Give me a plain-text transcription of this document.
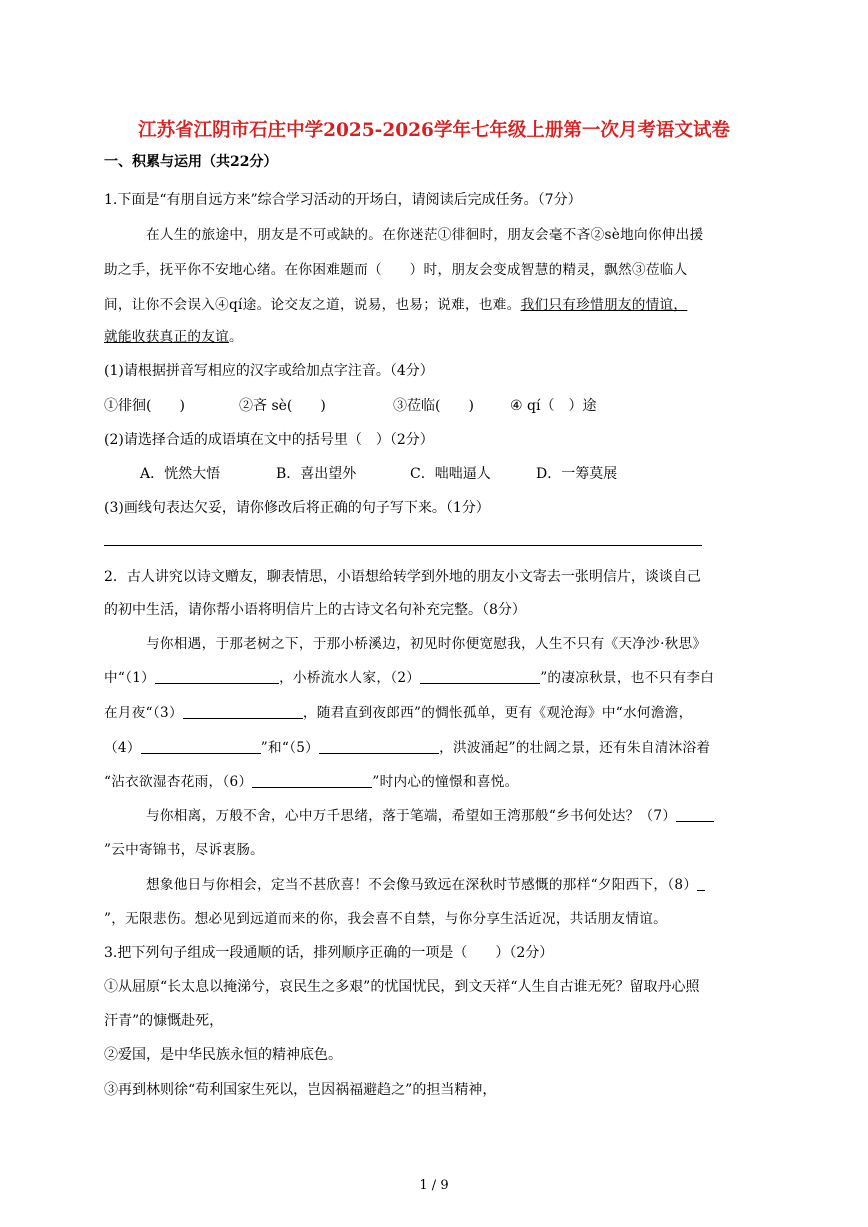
江苏省江阴市石庄中学2025-2026学年七年级上册第一次月考语文试卷
一、积累与运用（共22分）
1.下面是“有朋自远方来”综合学习活动的开场白，请阅读后完成任务。（7分）
在人生的旅途中，朋友是不可或缺的。在你迷茫①徘徊时，朋友会毫不吝②sè地向你伸出援
助之手，抚平你不安地心绪。在你困难题而（　　）时，朋友会变成智慧的精灵，飘然③莅临人
间，让你不会误入④qí途。论交友之道，说易，也易；说难，也难。我们只有珍惜朋友的情谊，
就能收获真正的友谊。
(1)请根据拼音写相应的汉字或给加点字注音。（4分）
①徘徊(　　)	②吝 sè(　　)	③莅临(　　)	④ qí（　）途
(2)请选择合适的成语填在文中的括号里（　）（2分）
A．恍然大悟	B．喜出望外	C．咄咄逼人	D．一筹莫展
(3)画线句表达欠妥，请你修改后将正确的句子写下来。（1分）
2．古人讲究以诗文赠友，聊表情思，小语想给转学到外地的朋友小文寄去一张明信片，谈谈自己
的初中生活，请你帮小语将明信片上的古诗文名句补充完整。（8分）
与你相遇，于那老树之下，于那小桥溪边，初见时你便宽慰我，人生不只有《天净沙·秋思》
中“（1）	，小桥流水人家，（2）	”的凄凉秋景，也不只有李白
在月夜“（3）	，随君直到夜郎西”的惆怅孤单，更有《观沧海》中“水何澹澹，
（4）	”和“（5）	，洪波涌起”的壮阔之景，还有朱自清沐浴着
“沾衣欲湿杏花雨，（6）	”时内心的憧憬和喜悦。
与你相离，万般不舍，心中万千思绪，落于笔端，希望如王湾那般“乡书何处达？（7）
”云中寄锦书，尽诉衷肠。
想象他日与你相会，定当不甚欣喜！不会像马致远在深秋时节感慨的那样“夕阳西下，（8）
”，无限悲伤。想必见到远道而来的你，我会喜不自禁，与你分享生活近况，共话朋友情谊。
3.把下列句子组成一段通顺的话，排列顺序正确的一项是（　　）（2分）
①从屈原“长太息以掩涕兮，哀民生之多艰”的忧国忧民，到文天祥“人生自古谁无死？留取丹心照
汗青”的慷慨赴死，
②爱国，是中华民族永恒的精神底色。
③再到林则徐“苟利国家生死以，岂因祸福避趋之”的担当精神，
1 / 9
